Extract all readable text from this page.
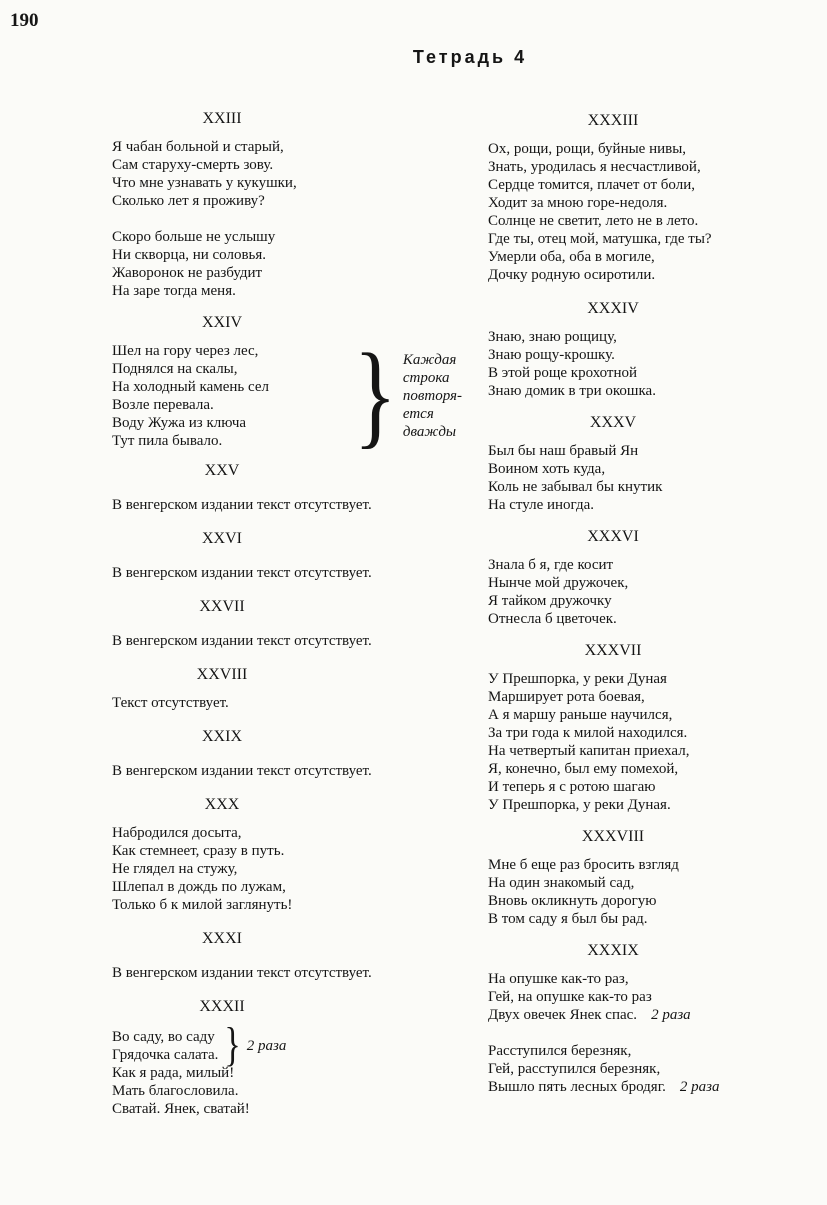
190
Тетрадь 4
XXIII
Я чабан больной и старый,
Сам старуху-смерть зову.
Что мне узнавать у кукушки,
Сколько лет я проживу?
Скоро больше не услышу
Ни скворца, ни соловья.
Жаворонок не разбудит
На заре тогда меня.
XXIV
Шел на гору через лес,
Поднялся на скалы,
На холодный камень сел
Возле перевала.
Воду Жужа из ключа
Тут пила бывало.	} Каждая
строка
повторя-
ется
дважды
XXV
В венгерском издании текст отсутствует.
XXVI
В венгерском издании текст отсутствует.
XXVII
В венгерском издании текст отсутствует.
XXVIII
Текст отсутствует.
XXIX
В венгерском издании текст отсутствует.
XXX
Набродился досыта,
Как стемнеет, сразу в путь.
Не глядел на стужу,
Шлепал в дождь по лужам,
Только б к милой заглянуть!
XXXI
В венгерском издании текст отсутствует.
XXXII
Во саду, во саду
Грядочка салата. } 2 раза
Как я рада, милый!
Мать благословила.
Сватай. Янек, сватай!
XXXIII
Ох, рощи, рощи, буйные нивы,
Знать, уродилась я несчастливой,
Сердце томится, плачет от боли,
Ходит за мною горе-недоля.
Солнце не светит, лето не в лето.
Где ты, отец мой, матушка, где ты?
Умерли оба, оба в могиле,
Дочку родную осиротили.
XXXIV
Знаю, знаю рощицу,
Знаю рощу-крошку.
В этой роще крохотной
Знаю домик в три окошка.
XXXV
Был бы наш бравый Ян
Воином хоть куда,
Коль не забывал бы кнутик
На стуле иногда.
XXXVI
Знала б я, где косит
Нынче мой дружочек,
Я тайком дружочку
Отнесла б цветочек.
XXXVII
У Прешпорка, у реки Дуная
Марширует рота боевая,
А я маршу раньше научился,
За три года к милой находился.
На четвертый капитан приехал,
Я, конечно, был ему помехой,
И теперь я с ротою шагаю
У Прешпорка, у реки Дуная.
XXXVIII
Мне б еще раз бросить взгляд
На один знакомый сад,
Вновь окликнуть дорогую
В том саду я был бы рад.
XXXIX
На опушке как-то раз,
Гей, на опушке как-то раз
Двух овечек Янек спас. 2 раза
Расступился березняк,
Гей, расступился березняк,
Вышло пять лесных бродяг. 2 раза
